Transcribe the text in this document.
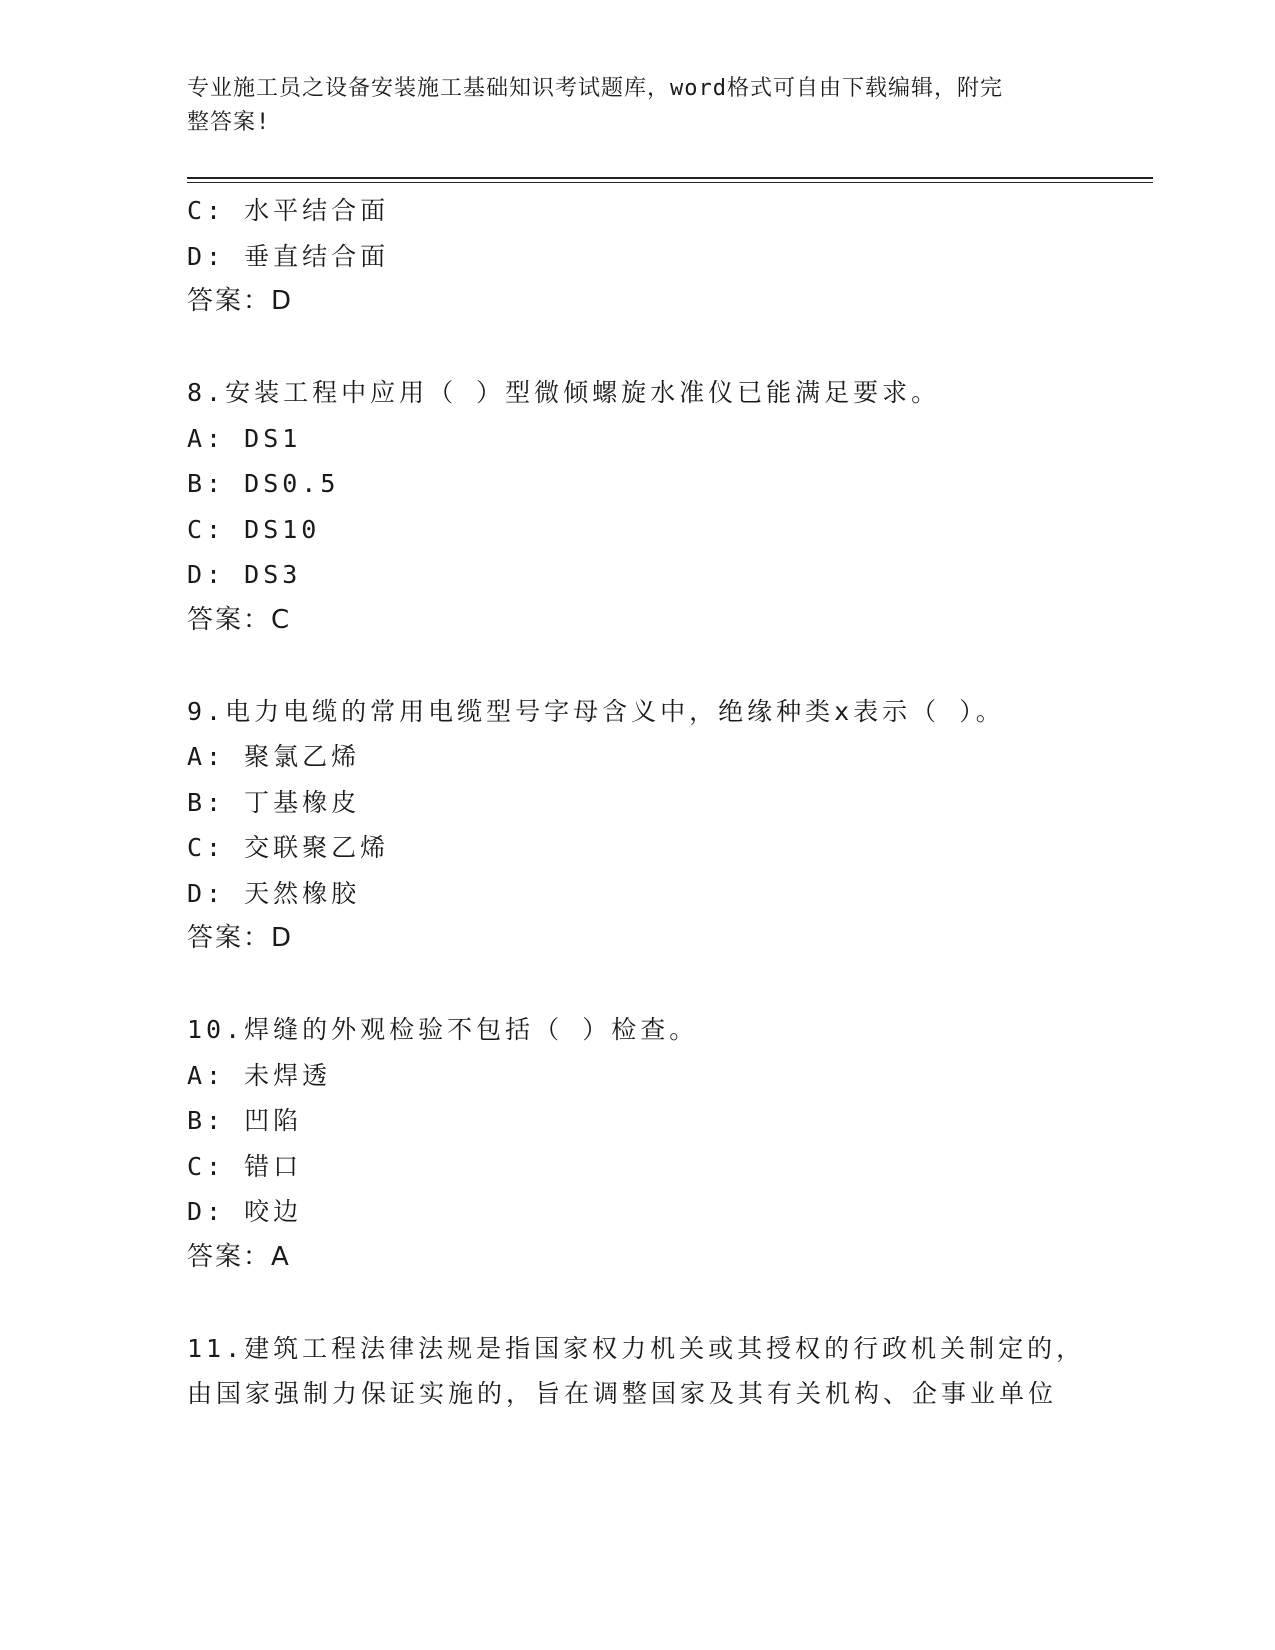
专业施工员之设备安装施工基础知识考试题库，word格式可自由下载编辑，附完
整答案!
C: 水平结合面
D: 垂直结合面
答案：D
8.安装工程中应用（ ）型微倾螺旋水准仪已能满足要求。
A: DS1
B: DS0.5
C: DS10
D: DS3
答案：C
9.电力电缆的常用电缆型号字母含义中，绝缘种类x表示（ ）。
A: 聚氯乙烯
B: 丁基橡皮
C: 交联聚乙烯
D: 天然橡胶
答案：D
10.焊缝的外观检验不包括（ ）检查。
A: 未焊透
B: 凹陷
C: 错口
D: 咬边
答案：A
11.建筑工程法律法规是指国家权力机关或其授权的行政机关制定的，
由国家强制力保证实施的，旨在调整国家及其有关机构、企事业单位
